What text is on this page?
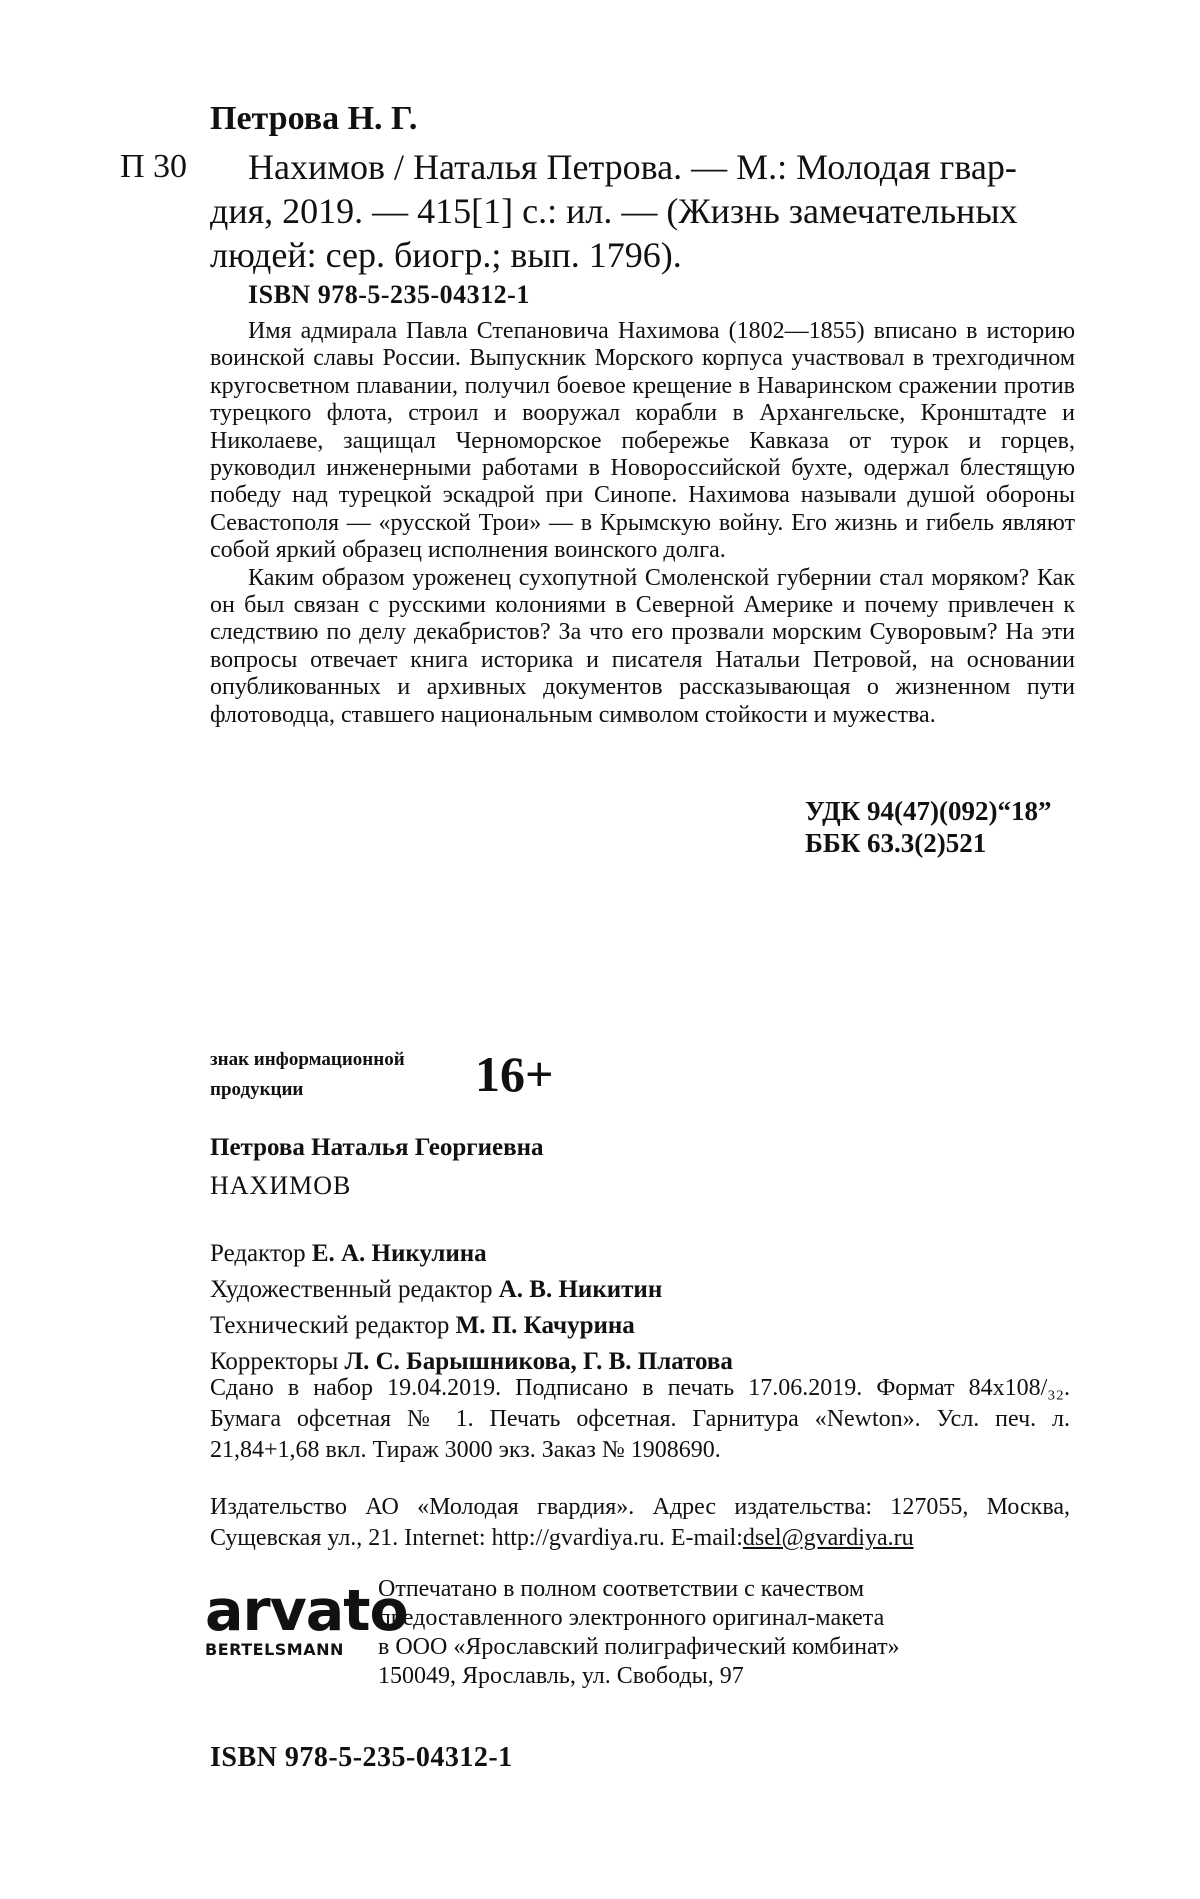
Петрова Н. Г.
П 30	Нахимов / Наталья Петрова. — М.: Молодая гвар-

дия, 2019. — 415[1] с.: ил. — (Жизнь замечательных

людей: сер. биогр.; вып. 1796).

ISBN 978-5-235-04312-1

Имя адмирала Павла Степановича Нахимова (1802—1855) вписано в историю воинской славы России. Выпускник Морского корпуса участвовал в трехгодичном кругосветном плавании, получил боевое крещение в Наваринском сражении против турецкого флота, строил и вооружал корабли в Архангельске, Кронштадте и Николаеве, защищал Черноморское побережье Кавказа от турок и горцев, руководил инженерными работами в Новороссийской бухте, одержал блестящую победу над турецкой эскадрой при Синопе. Нахимова называли душой обороны Севастополя — «русской Трои» — в Крымскую войну. Его жизнь и гибель являют собой яркий образец исполнения воинского долга.

Каким образом уроженец сухопутной Смоленской губернии стал моряком? Как он был связан с русскими колониями в Северной Америке и почему привлечен к следствию по делу декабристов? За что его прозвали морским Суворовым? На эти вопросы отвечает книга историка и писателя Натальи Петровой, на основании опубликованных и архивных документов рассказывающая о жизненном пути флотоводца, ставшего национальным символом стойкости и мужества.

УДК 94(47)(092)“18”
ББК 63.3(2)521
знак информационной
продукции	16+
Петрова Наталья Георгиевна
НАХИМОВ
Редактор Е. А. Никулина
Художественный редактор А. В. Никитин
Технический редактор М. П. Качурина
Корректоры Л. С. Барышникова, Г. В. Платова

Сдано в набор 19.04.2019. Подписано в печать 17.06.2019. Формат 84x108/₃₂. Бумага офсетная № 1. Печать офсетная. Гарнитура «Newton». Усл. печ. л. 21,84+1,68 вкл. Тираж 3000 экз. Заказ № 1908690.

Издательство АО «Молодая гвардия». Адрес издательства: 127055, Москва, Сущевская ул., 21. Internet: http://gvardiya.ru. E-mail:dsel@gvardiya.ru

arvato
BERTELSMANN
Отпечатано в полном соответствии с качеством
предоставленного электронного оригинал-макета
в ООО «Ярославский полиграфический комбинат»
150049, Ярославль, ул. Свободы, 97
ISBN 978-5-235-04312-1
